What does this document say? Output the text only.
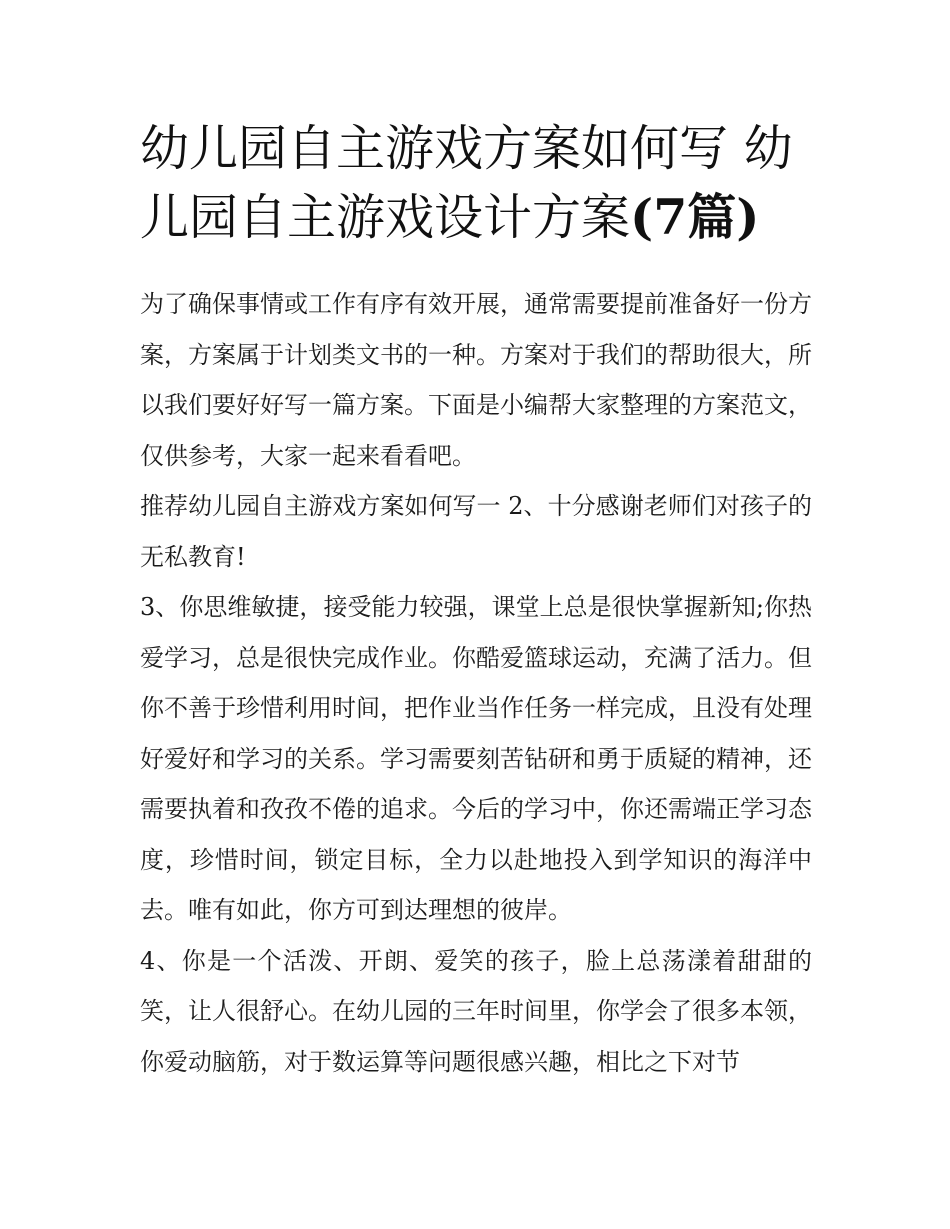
幼儿园自主游戏方案如何写 幼儿园自主游戏设计方案(7篇)

为了确保事情或工作有序有效开展，通常需要提前准备好一份方案，方案属于计划类文书的一种。方案对于我们的帮助很大，所以我们要好好写一篇方案。下面是小编帮大家整理的方案范文，仅供参考，大家一起来看看吧。

推荐幼儿园自主游戏方案如何写一 2、十分感谢老师们对孩子的无私教育!

3、你思维敏捷，接受能力较强，课堂上总是很快掌握新知;你热爱学习，总是很快完成作业。你酷爱篮球运动，充满了活力。但你不善于珍惜利用时间，把作业当作任务一样完成，且没有处理好爱好和学习的关系。学习需要刻苦钻研和勇于质疑的精神，还需要执着和孜孜不倦的追求。今后的学习中，你还需端正学习态度，珍惜时间，锁定目标，全力以赴地投入到学知识的海洋中去。唯有如此，你方可到达理想的彼岸。

4、你是一个活泼、开朗、爱笑的孩子，脸上总荡漾着甜甜的笑，让人很舒心。在幼儿园的三年时间里，你学会了很多本领，你爱动脑筋，对于数运算等问题很感兴趣，相比之下对节
